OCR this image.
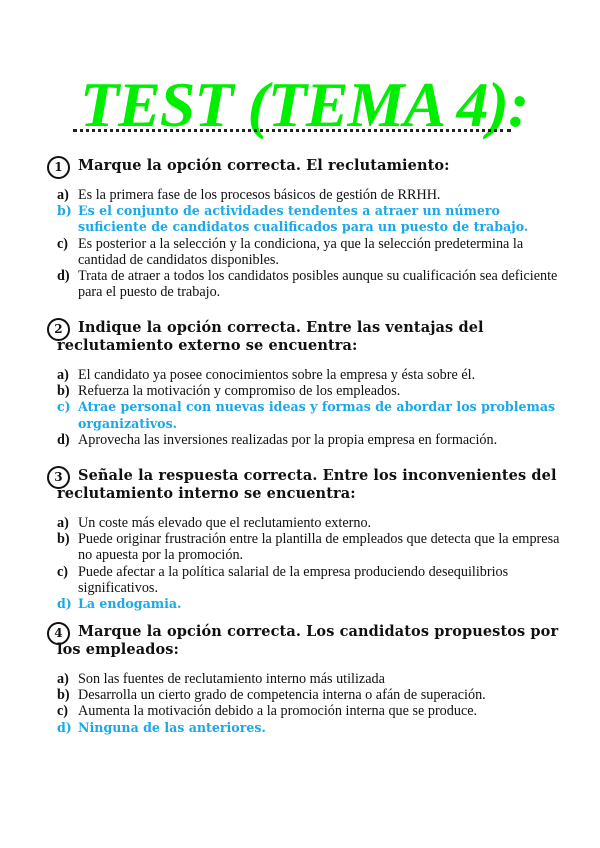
TEST (TEMA 4):
1	Marque la opción correcta. El reclutamiento:
a) Es la primera fase de los procesos básicos de gestión de RRHH.
b) Es el conjunto de actividades tendentes a atraer un número suficiente de candidatos cualificados para un puesto de trabajo.
c) Es posterior a la selección y la condiciona, ya que la selección predetermina la cantidad de candidatos disponibles.
d) Trata de atraer a todos los candidatos posibles aunque su cualificación sea deficiente para el puesto de trabajo.
2	Indique la opción correcta. Entre las ventajas del reclutamiento externo se encuentra:
a) El candidato ya posee conocimientos sobre la empresa y ésta sobre él.
b) Refuerza la motivación y compromiso de los empleados.
c) Atrae personal con nuevas ideas y formas de abordar los problemas organizativos.
d) Aprovecha las inversiones realizadas por la propia empresa en formación.
3	Señale la respuesta correcta. Entre los inconvenientes del reclutamiento interno se encuentra:
a) Un coste más elevado que el reclutamiento externo.
b) Puede originar frustración entre la plantilla de empleados que detecta que la empresa no apuesta por la promoción.
c) Puede afectar a la política salarial de la empresa produciendo desequilibrios significativos.
d) La endogamia.
4	Marque la opción correcta. Los candidatos propuestos por los empleados:
a) Son las fuentes de reclutamiento interno más utilizada
b) Desarrolla un cierto grado de competencia interna o afán de superación.
c) Aumenta la motivación debido a la promoción interna que se produce.
d) Ninguna de las anteriores.
